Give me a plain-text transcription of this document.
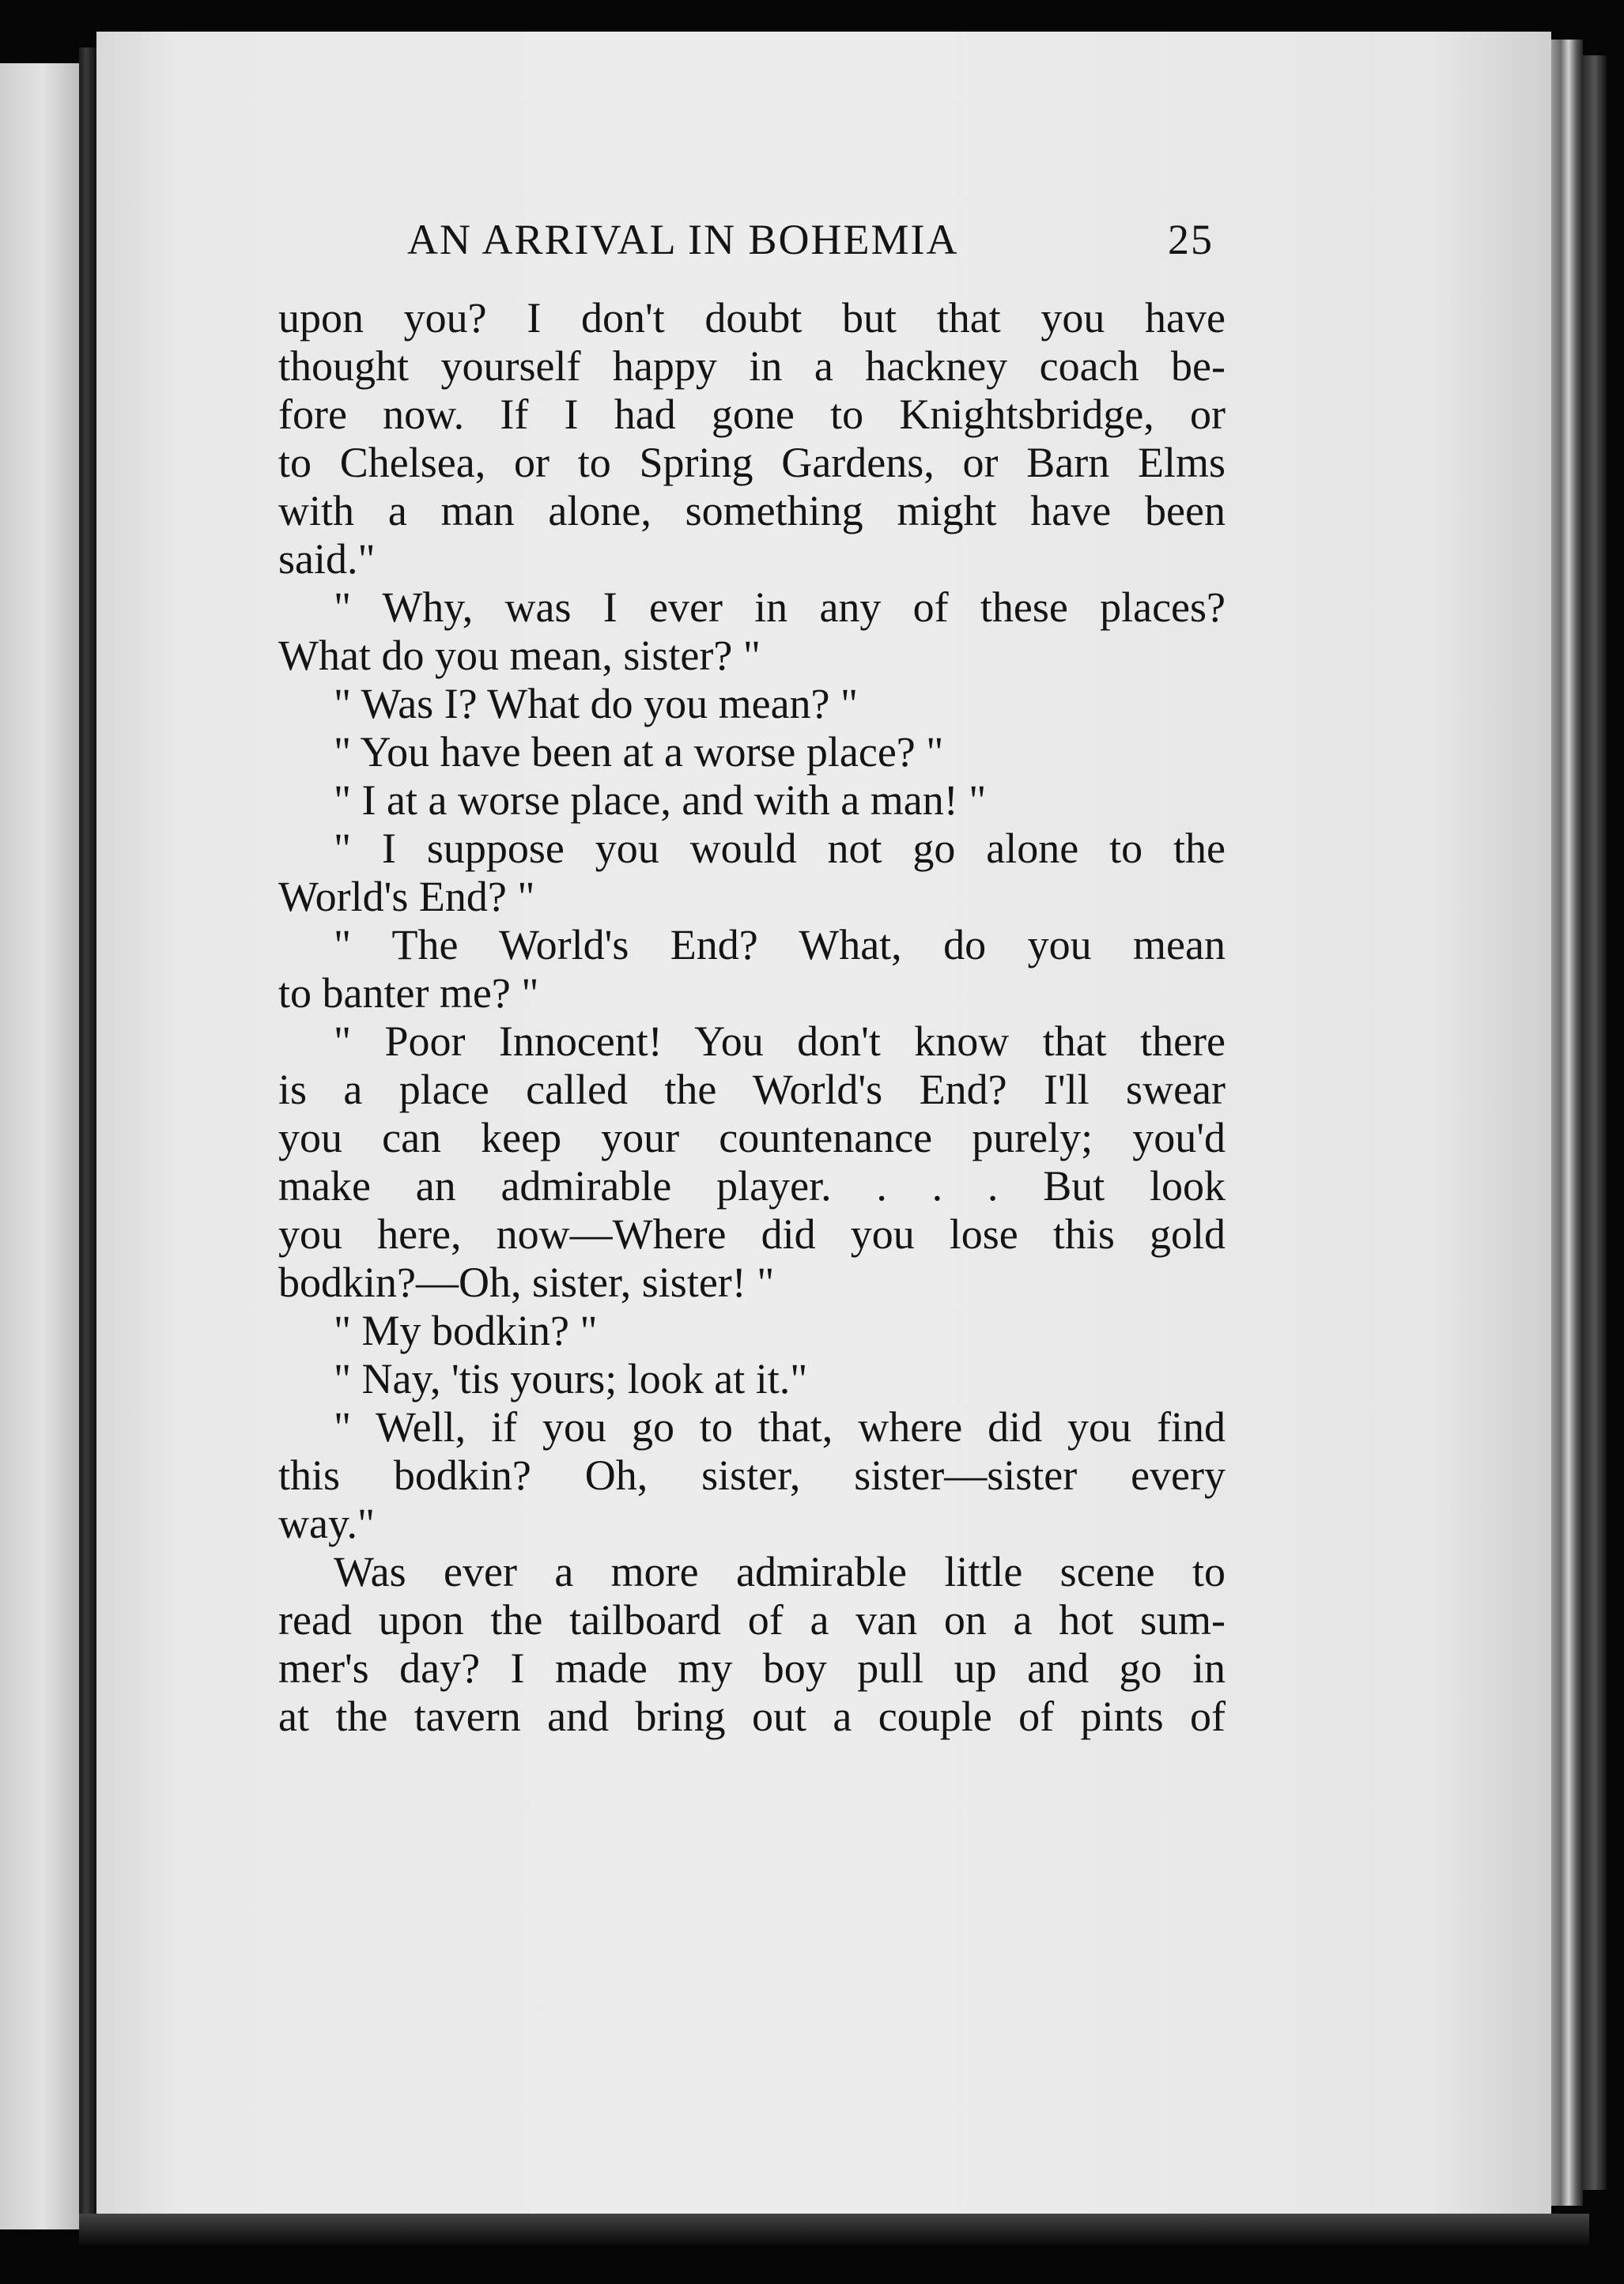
AN ARRIVAL IN BOHEMIA	25
upon you? I don't doubt but that you have
thought yourself happy in a hackney coach be-
fore now. If I had gone to Knightsbridge, or
to Chelsea, or to Spring Gardens, or Barn Elms
with a man alone, something might have been
said."
" Why, was I ever in any of these places?
What do you mean, sister? "
" Was I? What do you mean? "
" You have been at a worse place? "
" I at a worse place, and with a man! "
" I suppose you would not go alone to the
World's End? "
" The World's End? What, do you mean
to banter me? "
" Poor Innocent! You don't know that there
is a place called the World's End? I'll swear
you can keep your countenance purely; you'd
make an admirable player. . . . But look
you here, now—Where did you lose this gold
bodkin?—Oh, sister, sister! "
" My bodkin? "
" Nay, 'tis yours; look at it."
" Well, if you go to that, where did you find
this bodkin? Oh, sister, sister—sister every
way."
Was ever a more admirable little scene to
read upon the tailboard of a van on a hot sum-
mer's day? I made my boy pull up and go in
at the tavern and bring out a couple of pints of
